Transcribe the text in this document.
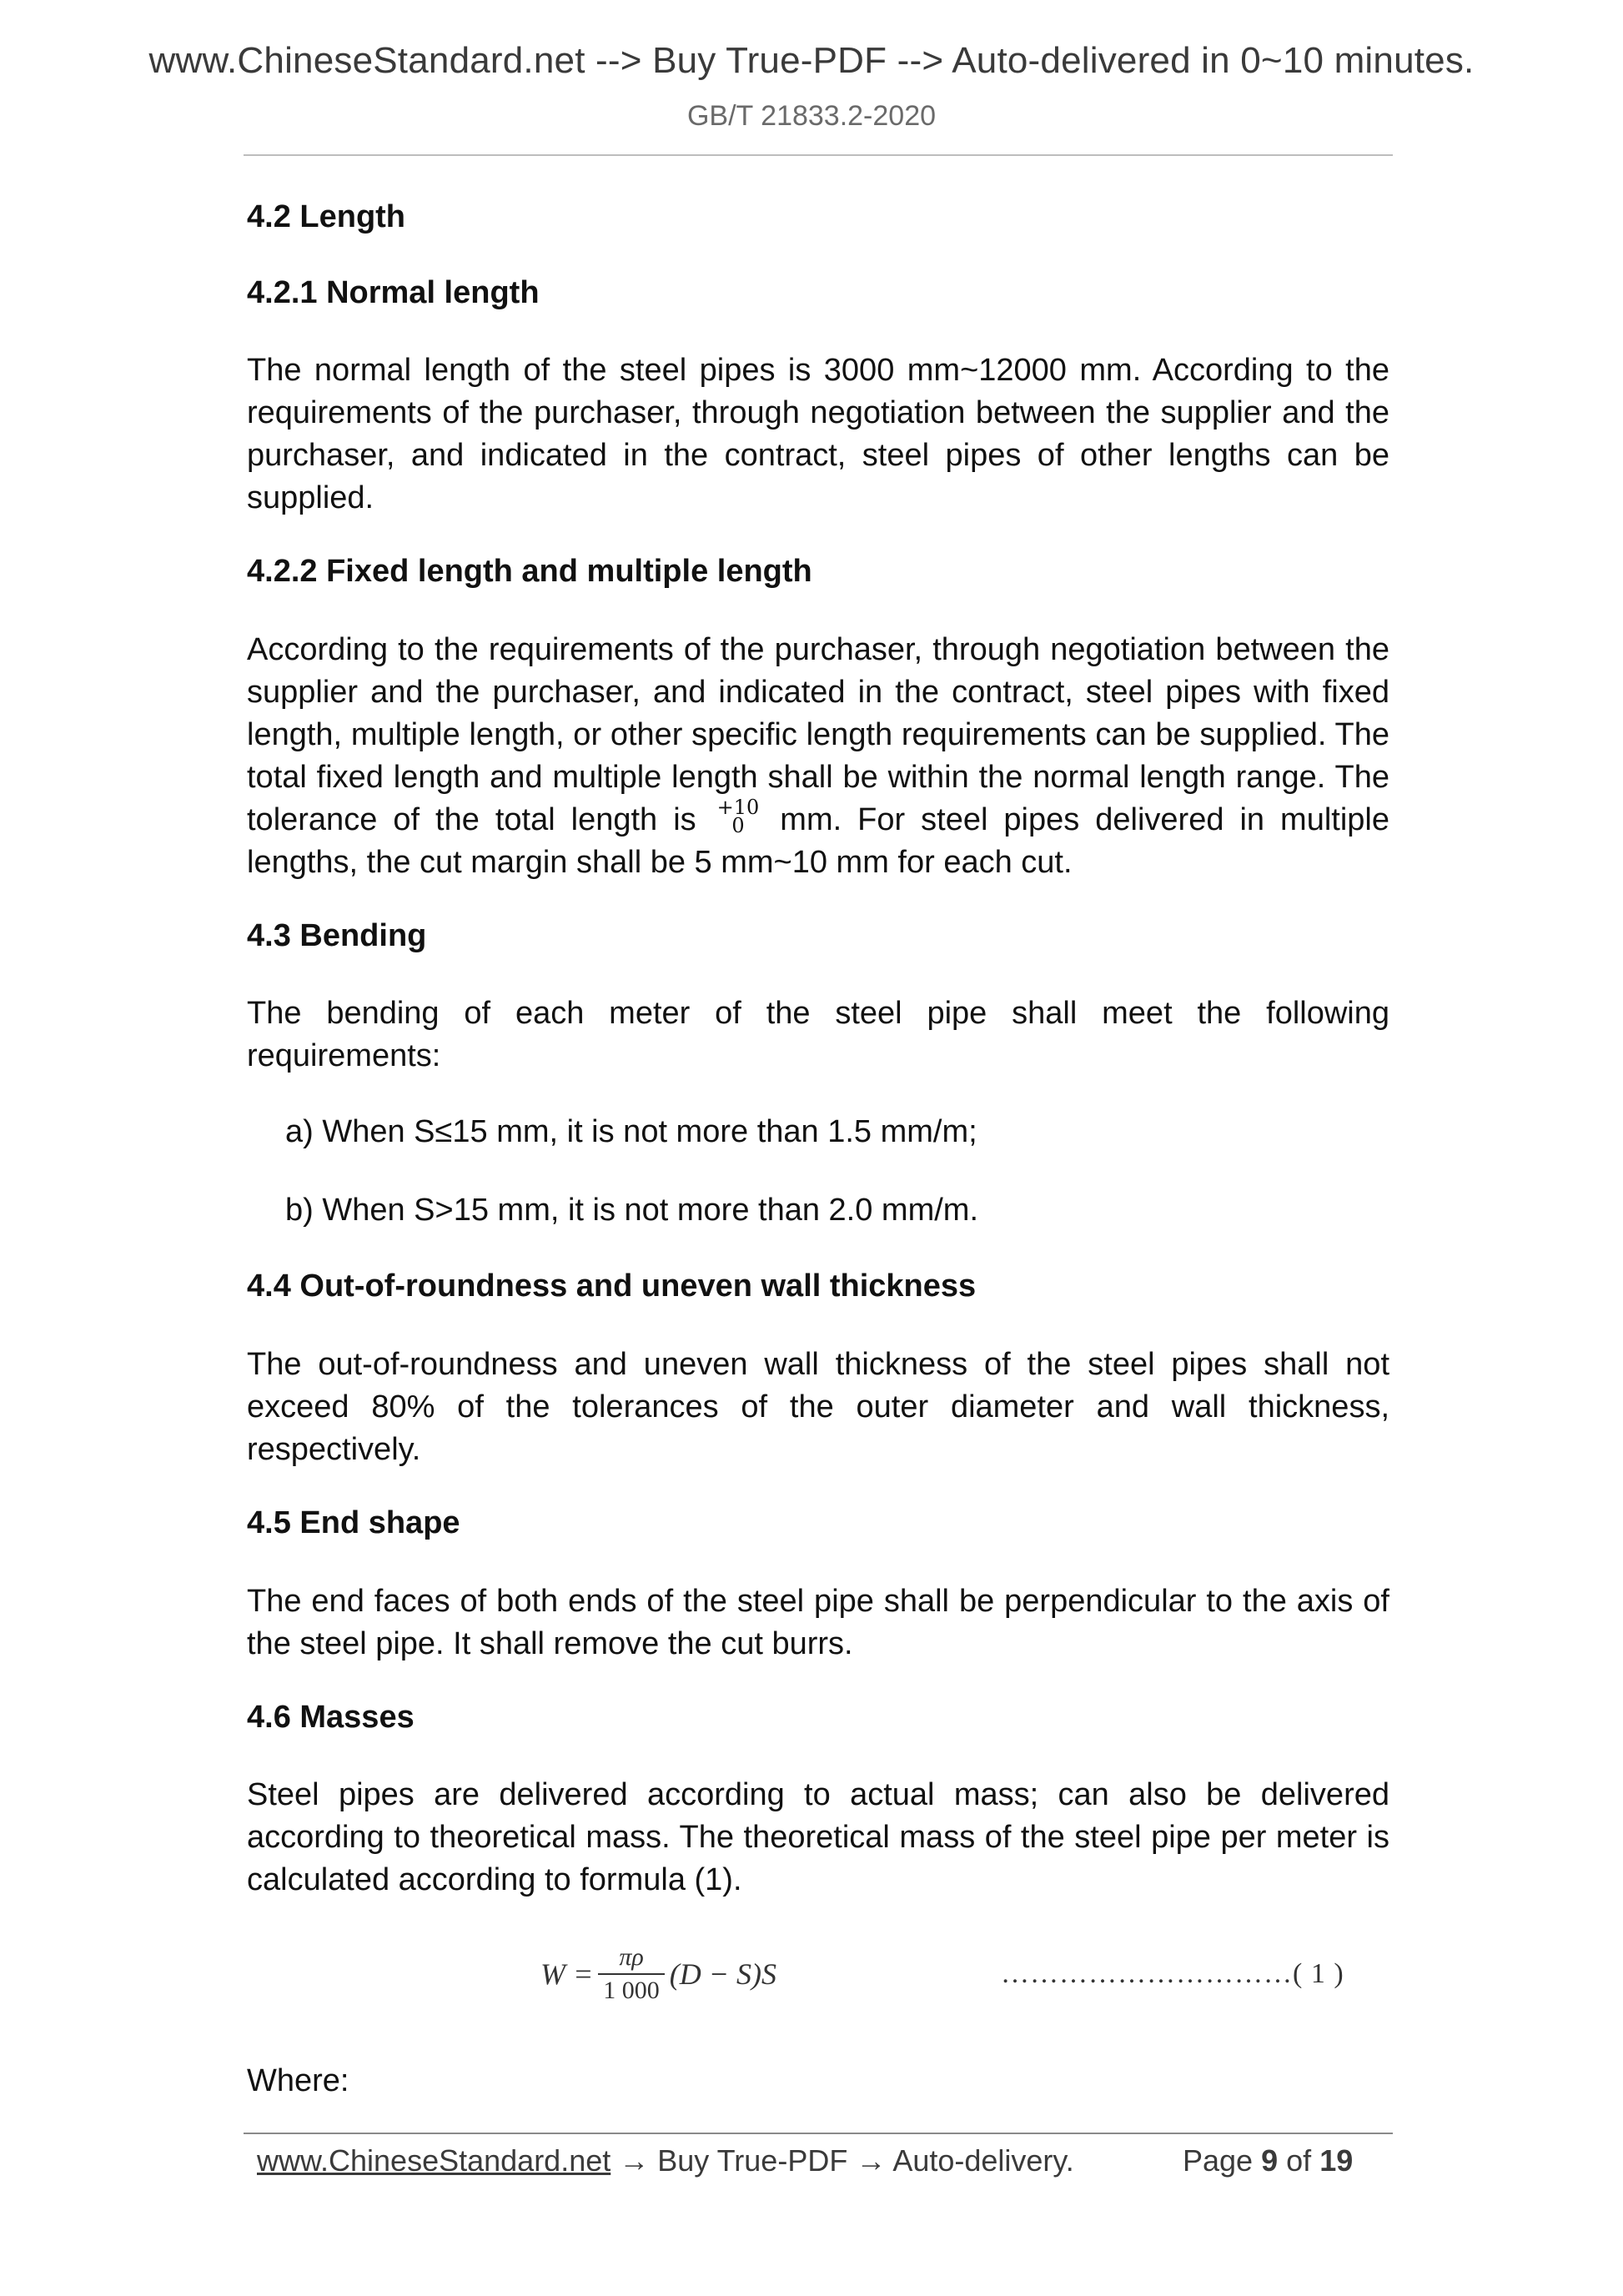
www.ChineseStandard.net --> Buy True-PDF --> Auto-delivered in 0~10 minutes.
GB/T 21833.2-2020
4.2 Length
4.2.1 Normal length

The normal length of the steel pipes is 3000 mm~12000 mm. According to the requirements of the purchaser, through negotiation between the supplier and the purchaser, and indicated in the contract, steel pipes of other lengths can be supplied.

4.2.2 Fixed length and multiple length

According to the requirements of the purchaser, through negotiation between the supplier and the purchaser, and indicated in the contract, steel pipes with fixed length, multiple length, or other specific length requirements can be supplied. The total fixed length and multiple length shall be within the normal length range. The tolerance of the total length is +10
0	mm. For steel pipes delivered in multiple lengths, the cut margin shall be 5 mm~10 mm for each cut.

4.3 Bending

The bending of each meter of the steel pipe shall meet the following requirements:

a) When S≤15 mm, it is not more than 1.5 mm/m;

b) When S>15 mm, it is not more than 2.0 mm/m.

4.4 Out-of-roundness and uneven wall thickness

The out-of-roundness and uneven wall thickness of the steel pipes shall not exceed 80% of the tolerances of the outer diameter and wall thickness, respectively.

4.5 End shape

The end faces of both ends of the steel pipe shall be perpendicular to the axis of the steel pipe. It shall remove the cut burrs.

4.6 Masses

Steel pipes are delivered according to actual mass; can also be delivered according to theoretical mass. The theoretical mass of the steel pipe per meter is calculated according to formula (1).

$W = \frac{\pi\rho}{1 000} (D - S)S$	…………………………( 1 )

Where:

www.ChineseStandard.net → Buy True-PDF → Auto-delivery.	Page 9 of 19
